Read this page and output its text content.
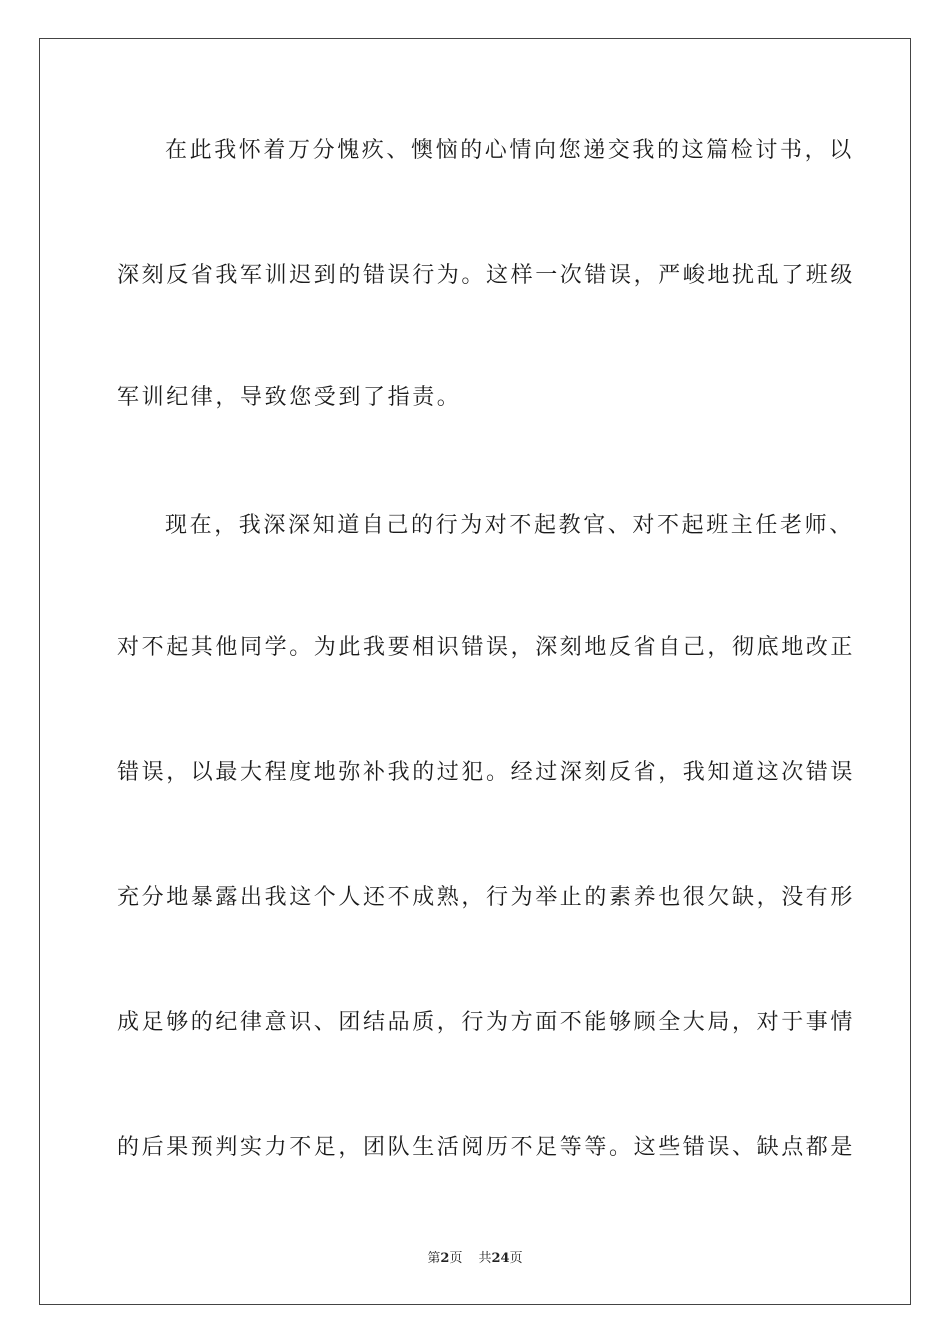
在此我怀着万分愧疚、懊恼的心情向您递交我的这篇检讨书，以
深刻反省我军训迟到的错误行为。这样一次错误，严峻地扰乱了班级
军训纪律，导致您受到了指责。
现在，我深深知道自己的行为对不起教官、对不起班主任老师、
对不起其他同学。为此我要相识错误，深刻地反省自己，彻底地改正
错误，以最大程度地弥补我的过犯。经过深刻反省，我知道这次错误
充分地暴露出我这个人还不成熟，行为举止的素养也很欠缺，没有形
成足够的纪律意识、团结品质，行为方面不能够顾全大局，对于事情
的后果预判实力不足，团队生活阅历不足等等。这些错误、缺点都是
第2页 共24页
